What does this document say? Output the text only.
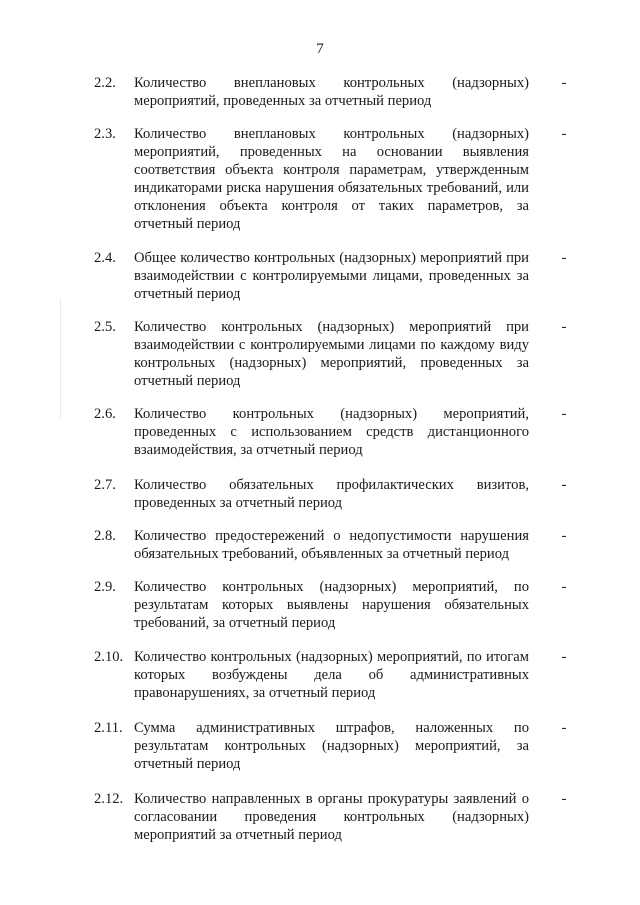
7
2.2.	Количество внеплановых контрольных (надзорных) мероприятий, проведенных за отчетный период
-
2.3.	Количество внеплановых контрольных (надзорных) мероприятий, проведенных на основании выявления соответствия объекта контроля параметрам, утвержденным индикаторами риска нарушения обязательных требований, или отклонения объекта контроля от таких параметров, за отчетный период
-
2.4.	Общее количество контрольных (надзорных) мероприятий при взаимодействии с контролируемыми лицами, проведенных за отчетный период
-
2.5.	Количество контрольных (надзорных) мероприятий при взаимодействии с контролируемыми лицами по каждому виду контрольных (надзорных) мероприятий, проведенных за отчетный период
-
2.6.	Количество контрольных (надзорных) мероприятий, проведенных с использованием средств дистанционного взаимодействия, за отчетный период
-
2.7.	Количество обязательных профилактических визитов, проведенных за отчетный период
-
2.8.	Количество предостережений о недопустимости нарушения обязательных требований, объявленных за отчетный период
-
2.9.	Количество контрольных (надзорных) мероприятий, по результатам которых выявлены нарушения обязательных требований, за отчетный период
-
2.10. Количество контрольных (надзорных) мероприятий, по итогам которых возбуждены дела об административных правонарушениях, за отчетный период
-
2.11. Сумма административных штрафов, наложенных по результатам контрольных (надзорных) мероприятий, за отчетный период
-
2.12. Количество направленных в органы прокуратуры заявлений о согласовании проведения контрольных (надзорных) мероприятий за отчетный период
-
